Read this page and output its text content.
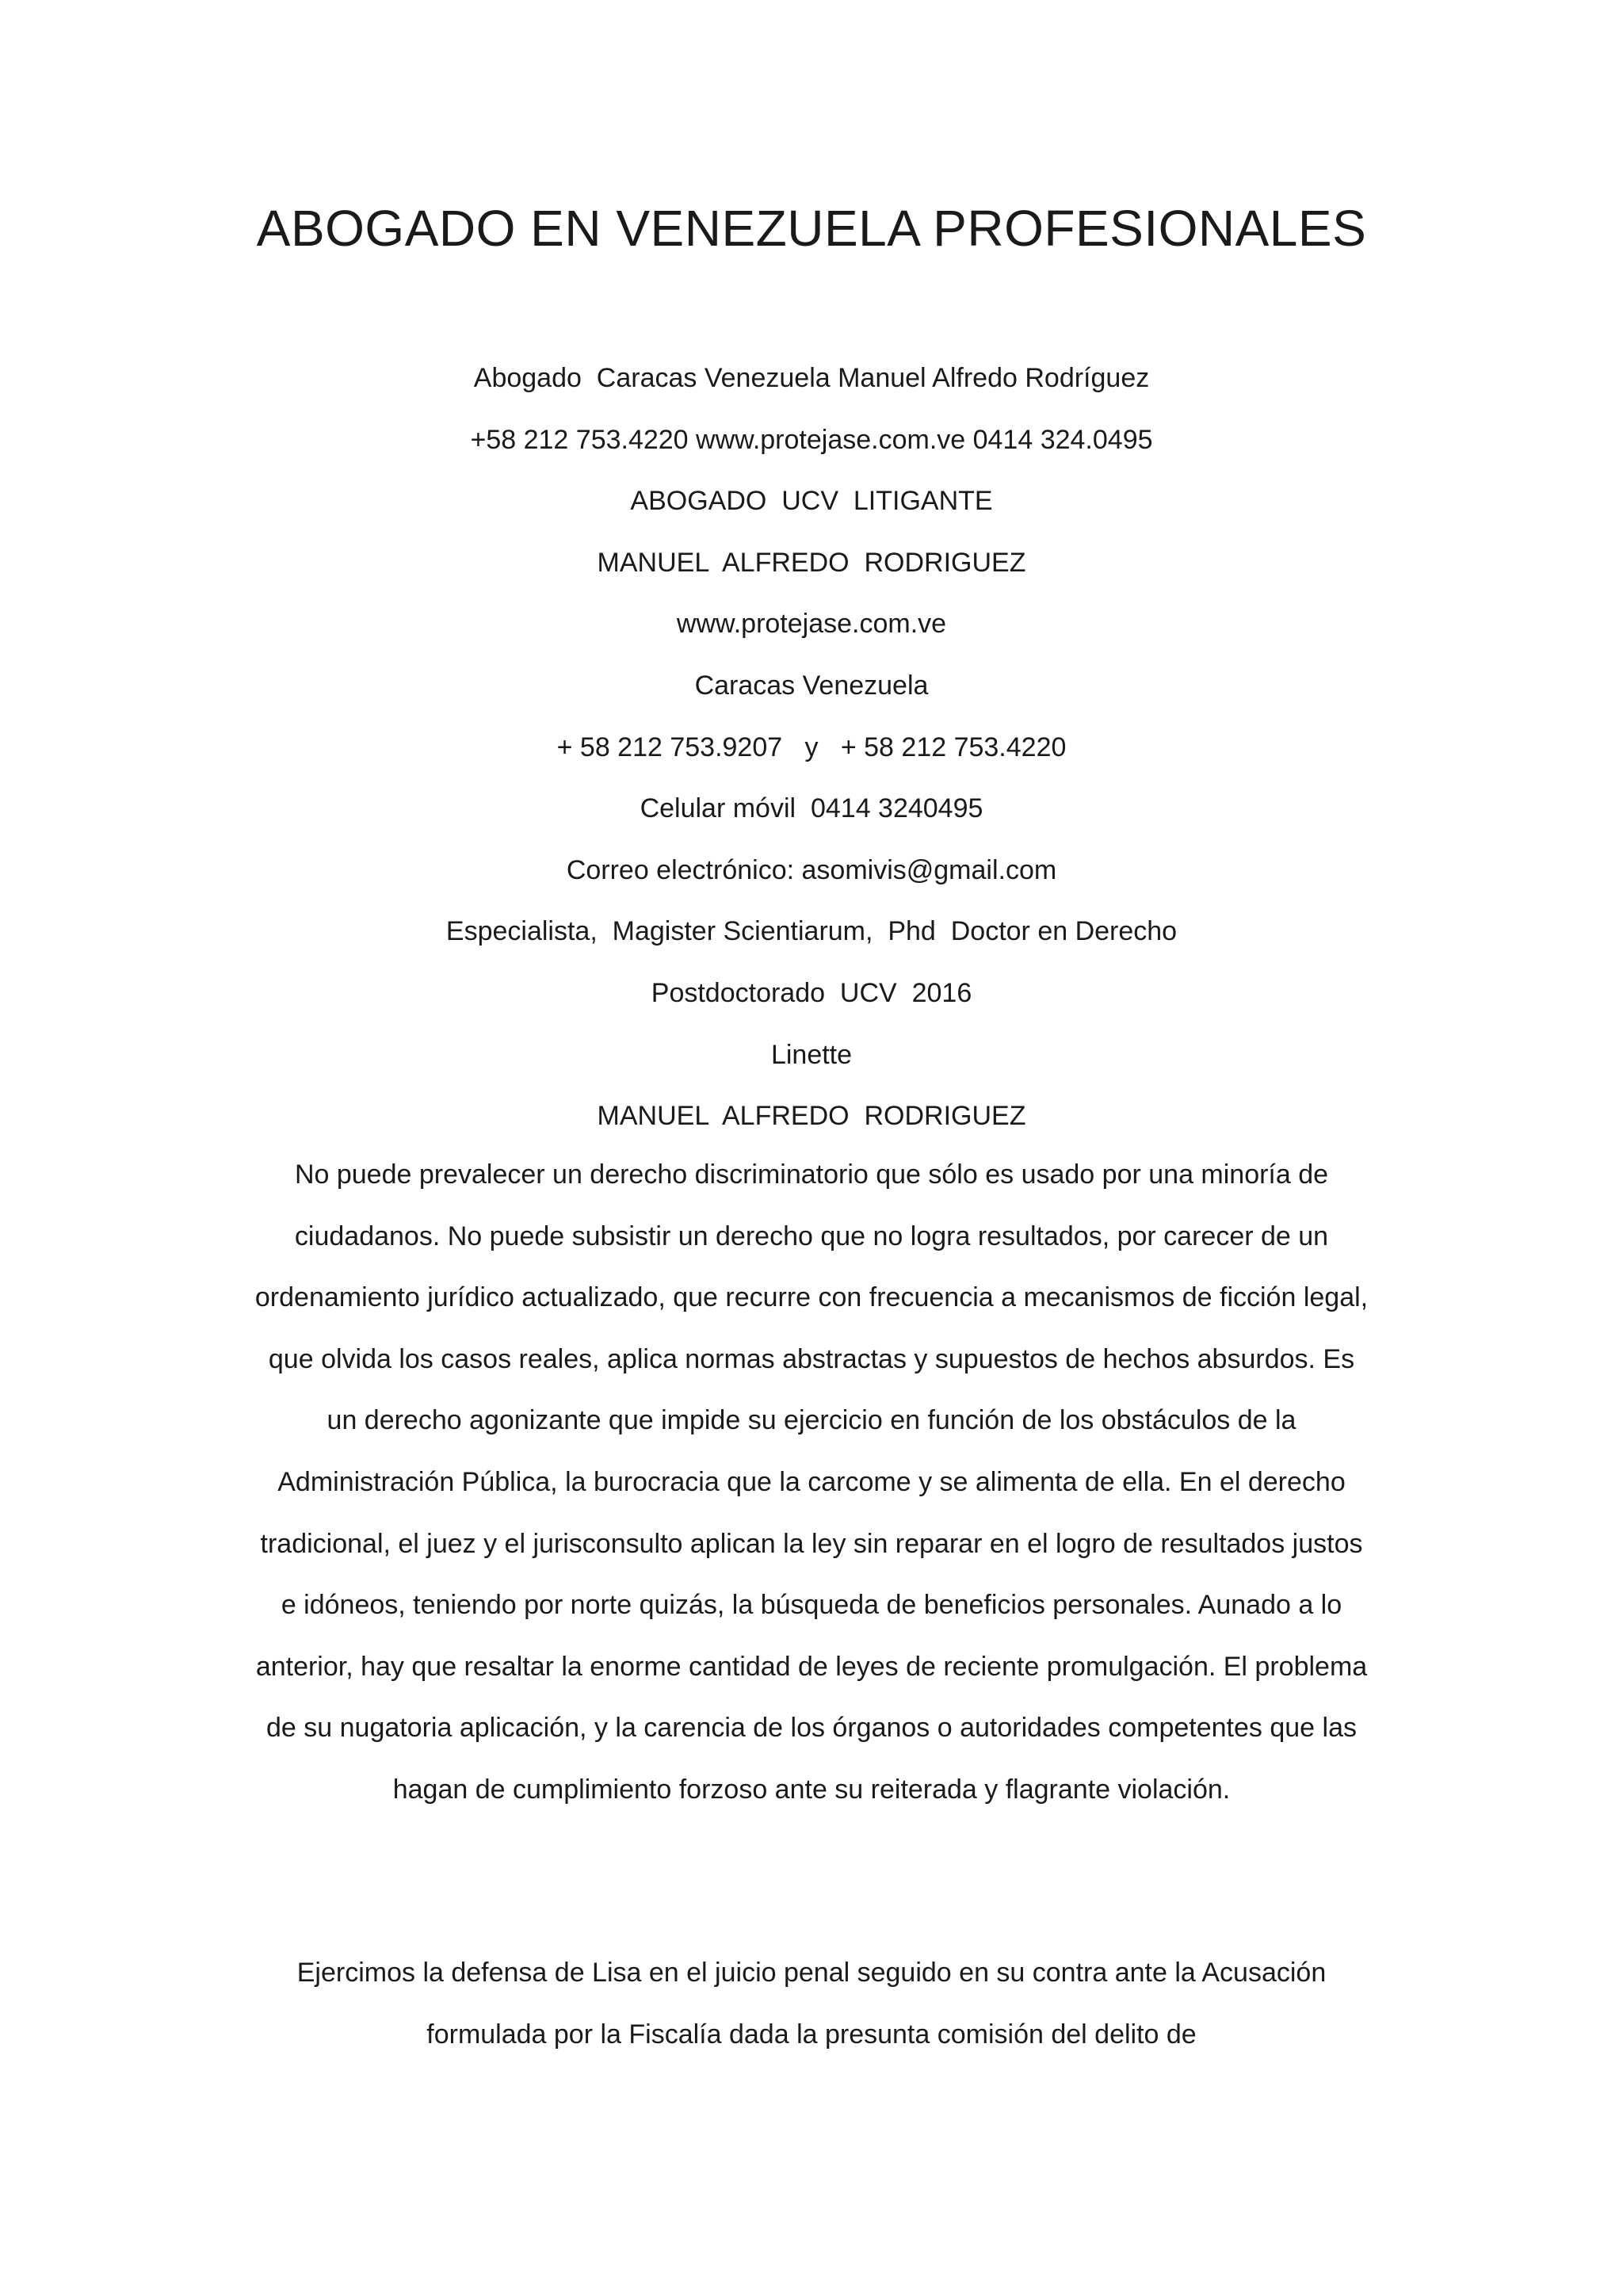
ABOGADO EN VENEZUELA PROFESIONALES
Abogado  Caracas Venezuela Manuel Alfredo Rodríguez
+58 212 753.4220 www.protejase.com.ve 0414 324.0495
ABOGADO  UCV  LITIGANTE
MANUEL  ALFREDO  RODRIGUEZ
www.protejase.com.ve
Caracas Venezuela
+ 58 212 753.9207   y   + 58 212 753.4220
Celular móvil  0414 3240495
Correo electrónico: asomivis@gmail.com
Especialista,  Magister Scientiarum,  Phd  Doctor en Derecho
Postdoctorado  UCV  2016
Linette
MANUEL  ALFREDO  RODRIGUEZ

No puede prevalecer un derecho discriminatorio que sólo es usado por una minoría de ciudadanos. No puede subsistir un derecho que no logra resultados, por carecer de un ordenamiento jurídico actualizado, que recurre con frecuencia a mecanismos de ficción legal, que olvida los casos reales, aplica normas abstractas y supuestos de hechos absurdos. Es un derecho agonizante que impide su ejercicio en función de los obstáculos de la Administración Pública, la burocracia que la carcome y se alimenta de ella. En el derecho tradicional, el juez y el jurisconsulto aplican la ley sin reparar en el logro de resultados justos e idóneos, teniendo por norte quizás, la búsqueda de beneficios personales. Aunado a lo anterior, hay que resaltar la enorme cantidad de leyes de reciente promulgación. El problema de su nugatoria aplicación, y la carencia de los órganos o autoridades competentes que las hagan de cumplimiento forzoso ante su reiterada y flagrante violación.

Ejercimos la defensa de Lisa en el juicio penal seguido en su contra ante la Acusación formulada por la Fiscalía dada la presunta comisión del delito de
